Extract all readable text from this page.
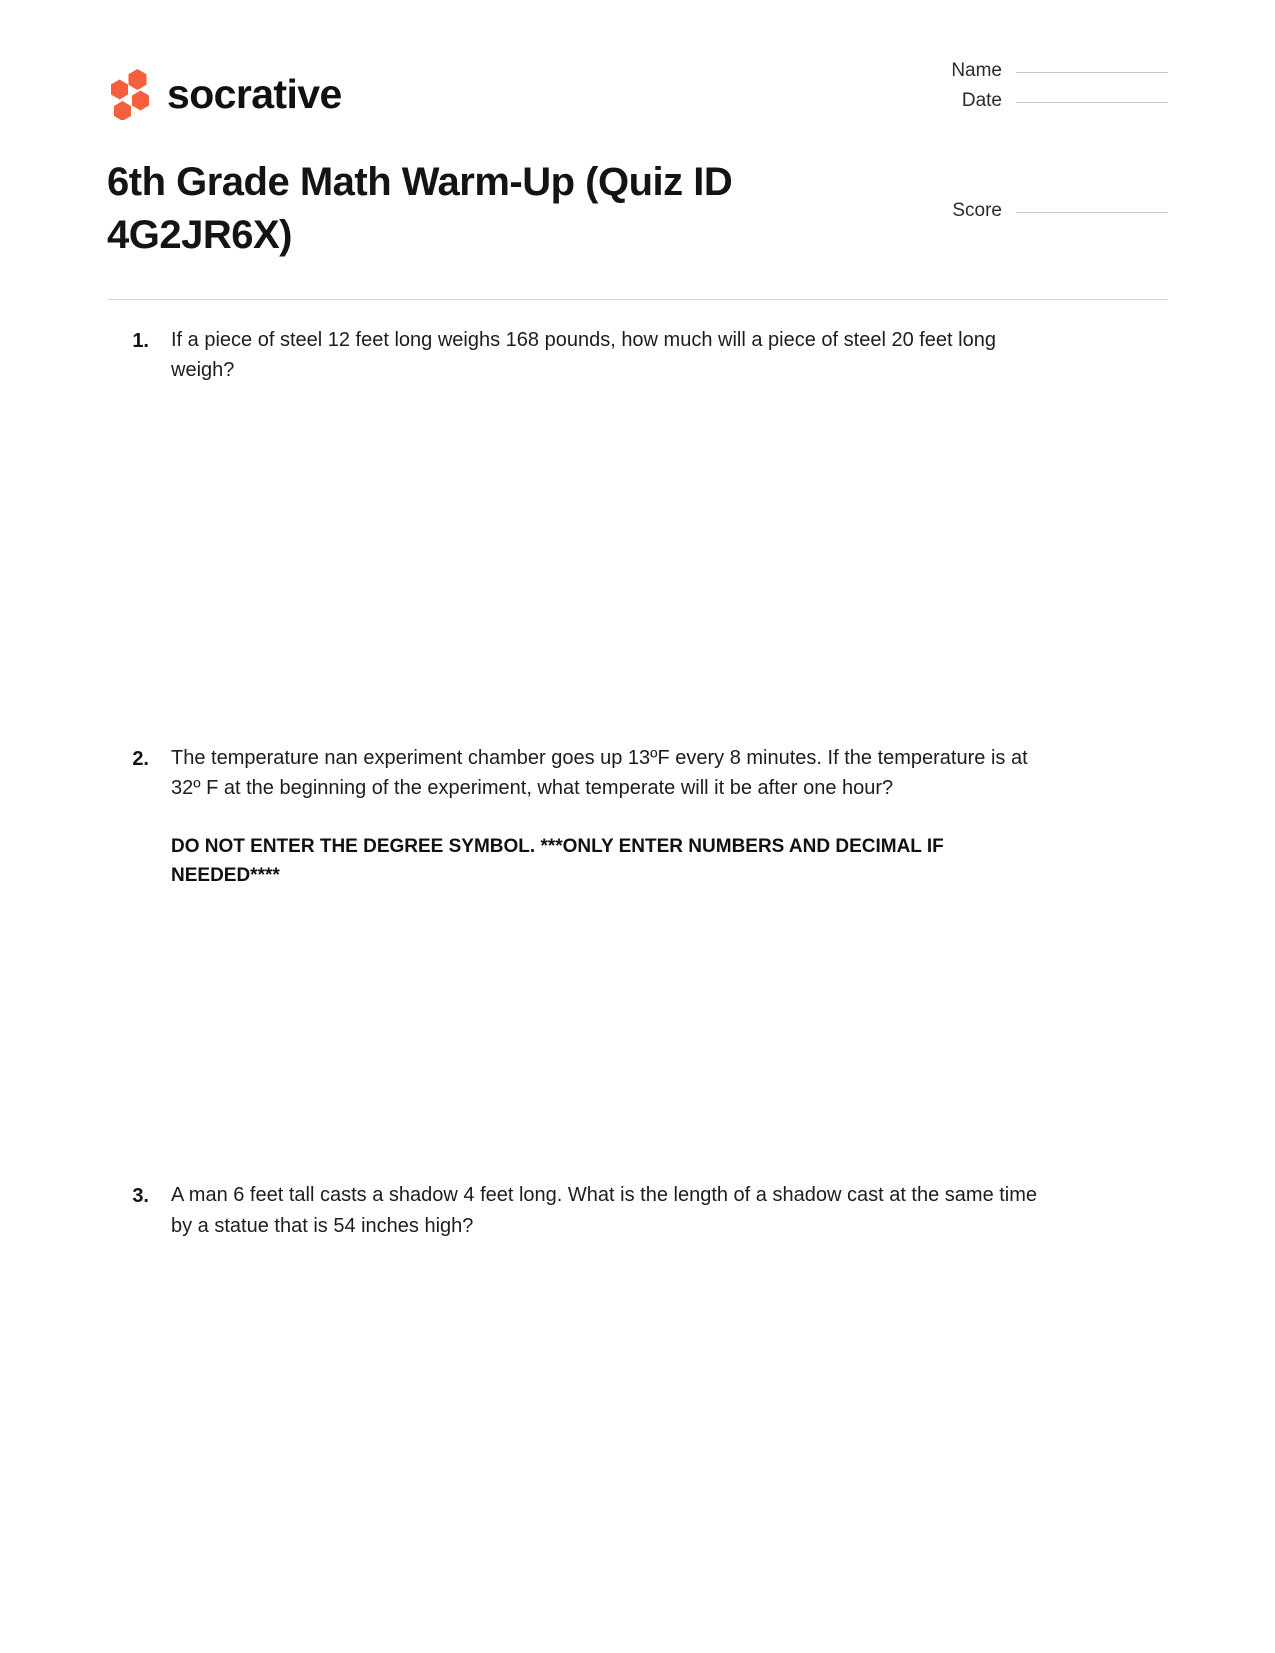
socrative
6th Grade Math Warm-Up (Quiz ID 4G2JR6X)
Name
Date
Score
1.	If a piece of steel 12 feet long weighs 168 pounds, how much will a piece of steel 20 feet long weigh?
2.	The temperature nan experiment chamber goes up 13ºF every 8 minutes. If the temperature is at 32º F at the beginning of the experiment, what temperate will it be after one hour?
DO NOT ENTER THE DEGREE SYMBOL. ***ONLY ENTER NUMBERS AND DECIMAL IF NEEDED****
3.	A man 6 feet tall casts a shadow 4 feet long. What is the length of a shadow cast at the same time by a statue that is 54 inches high?
